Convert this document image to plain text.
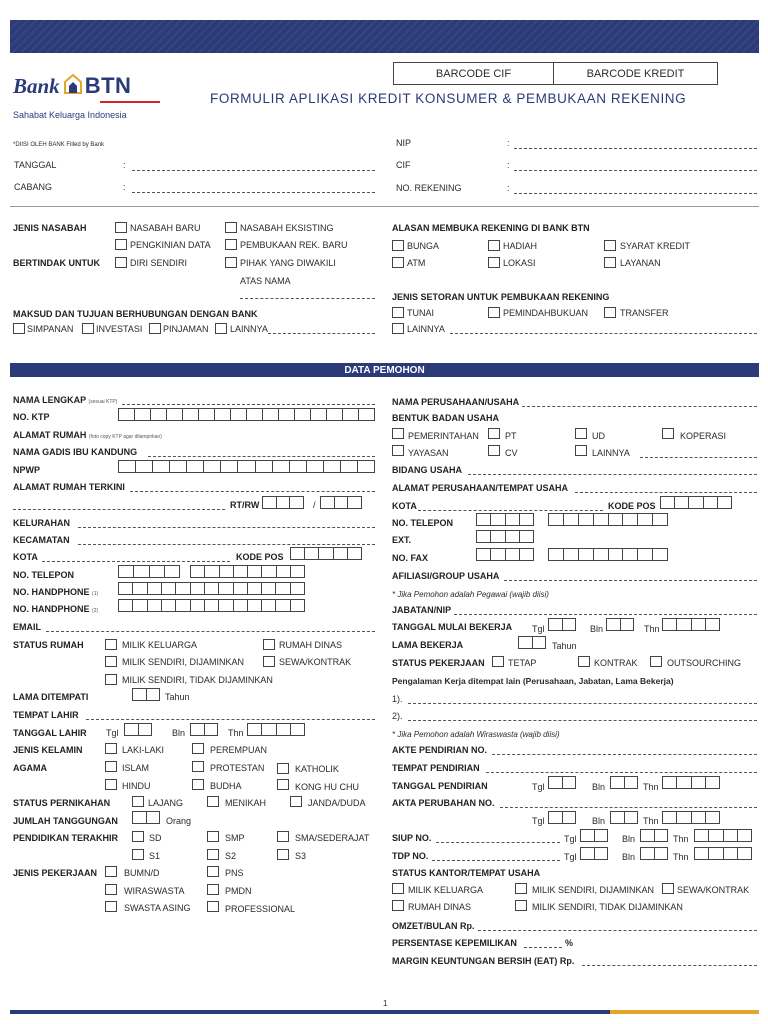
Bank BTN
Sahabat Keluarga Indonesia
BARCODE CIF	BARCODE KREDIT
FORMULIR APLIKASI KREDIT KONSUMER & PEMBUKAAN REKENING
*DIISI OLEH BANK Filled by Bank
TANGGAL	:
CABANG	:
NIP	:
CIF	:
NO. REKENING	:
JENIS NASABAH	NASABAH BARU	NASABAH EKSISTING
PENGKINIAN DATA	PEMBUKAAN REK. BARU
BERTINDAK UNTUK	DIRI SENDIRI	PIHAK YANG DIWAKILI
ATAS NAMA
MAKSUD DAN TUJUAN BERHUBUNGAN DENGAN BANK
SIMPANAN	INVESTASI PINJAMAN LAINNYA
ALASAN MEMBUKA REKENING DI BANK BTN
BUNGA	HADIAH	SYARAT KREDIT
ATM	LOKASI	LAYANAN
JENIS SETORAN UNTUK PEMBUKAAN REKENING
TUNAI	PEMINDAHBUKUAN	TRANSFER
LAINNYA
DATA PEMOHON
NAMA LENGKAP (sesuai KTP)
NO. KTP
ALAMAT RUMAH (foto copy KTP agar dilampirkan)
NAMA GADIS IBU KANDUNG
NPWP
ALAMAT RUMAH TERKINI
RT/RW	/
KELURAHAN
KECAMATAN
KOTA	KODE POS
NO. TELEPON
NO. HANDPHONE (1)
NO. HANDPHONE (2)
EMAIL
STATUS RUMAH	MILIK KELUARGA	RUMAH DINAS
MILIK SENDIRI, DIJAMINKAN	SEWA/KONTRAK
MILIK SENDIRI, TIDAK DIJAMINKAN
LAMA DITEMPATI	Tahun
TEMPAT LAHIR
TANGGAL LAHIR Tgl	Bln	Thn
JENIS KELAMIN	LAKI-LAKI	PEREMPUAN
AGAMA	ISLAM	PROTESTAN	KATHOLIK
HINDU	BUDHA	KONG HU CHU
STATUS PERNIKAHAN	LAJANG	MENIKAH	JANDA/DUDA
JUMLAH TANGGUNGAN	Orang
PENDIDIKAN TERAKHIR	SD	SMP	SMA/SEDERAJAT
S1	S2	S3
JENIS PEKERJAAN	BUMN/D	PNS
WIRASWASTA	PMDN
SWASTA ASING	PROFESSIONAL
NAMA PERUSAHAAN/USAHA
BENTUK BADAN USAHA
PEMERINTAHAN	PT	UD	KOPERASI
YAYASAN	CV	LAINNYA
BIDANG USAHA
ALAMAT PERUSAHAAN/TEMPAT USAHA
KOTA	KODE POS
NO. TELEPON
EXT.
NO. FAX
AFILIASI/GROUP USAHA
* Jika Pemohon adalah Pegawai (wajib diisi)
JABATAN/NIP
TANGGAL MULAI BEKERJA Tgl	Bln	Thn
LAMA BEKERJA	Tahun
STATUS PEKERJAAN	TETAP	KONTRAK	OUTSOURCHING
Pengalaman Kerja ditempat lain (Perusahaan, Jabatan, Lama Bekerja)
1).
2).
* Jika Pemohon adalah Wiraswasta (wajib diisi)
AKTE PENDIRIAN NO.
TEMPAT PENDIRIAN
TANGGAL PENDIRIAN	Tgl	Bln	Thn
AKTA PERUBAHAN NO.
Tgl	Bln	Thn
SIUP NO.	Tgl	Bln	Thn
TDP NO.	Tgl	Bln	Thn
STATUS KANTOR/TEMPAT USAHA
MILIK KELUARGA	MILIK SENDIRI, DIJAMINKAN	SEWA/KONTRAK
RUMAH DINAS	MILIK SENDIRI, TIDAK DIJAMINKAN
OMZET/BULAN Rp.
PERSENTASE KEPEMILIKAN	%
MARGIN KEUNTUNGAN BERSIH (EAT) Rp.
1
